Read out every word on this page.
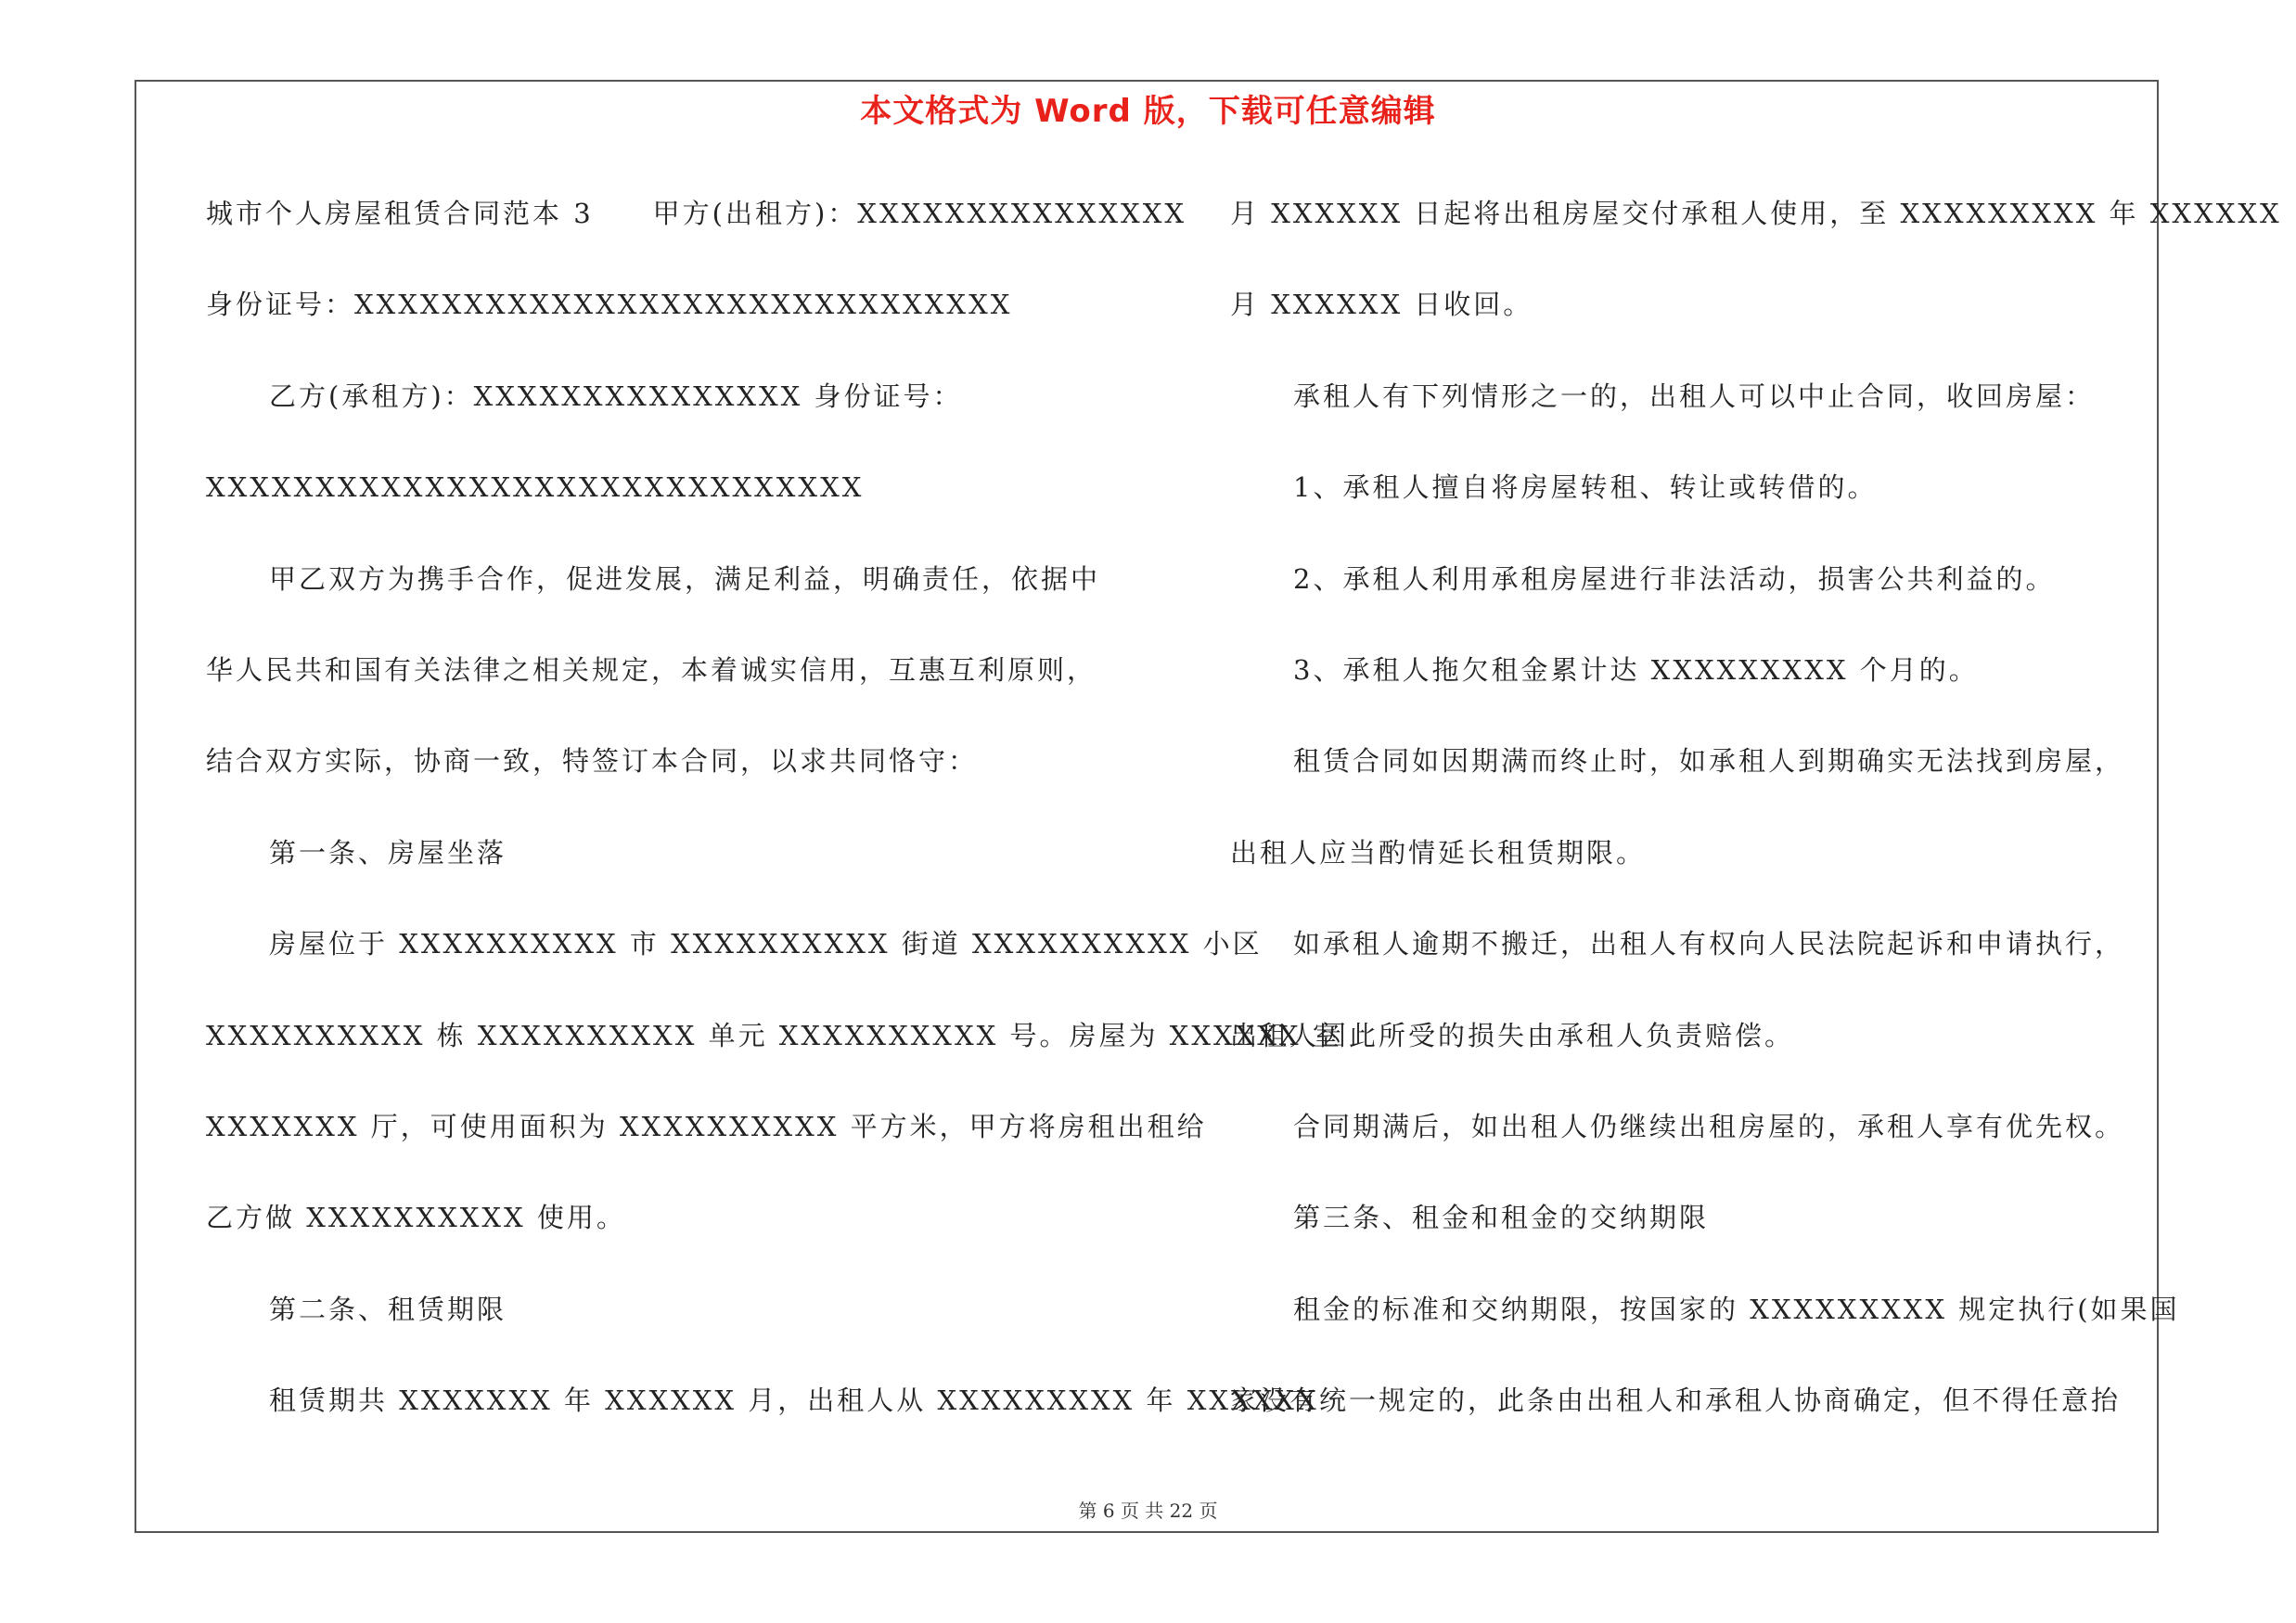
本文格式为 Word 版，下载可任意编辑
城市个人房屋租赁合同范本 3　　甲方(出租方)：XXXXXXXXXXXXXXX
身份证号：XXXXXXXXXXXXXXXXXXXXXXXXXXXXXX
乙方(承租方)：XXXXXXXXXXXXXXX 身份证号：
XXXXXXXXXXXXXXXXXXXXXXXXXXXXXX
甲乙双方为携手合作，促进发展，满足利益，明确责任，依据中
华人民共和国有关法律之相关规定，本着诚实信用，互惠互利原则，
结合双方实际，协商一致，特签订本合同，以求共同恪守：
第一条、房屋坐落
房屋位于 XXXXXXXXXX 市 XXXXXXXXXX 街道 XXXXXXXXXX 小区
XXXXXXXXXX 栋 XXXXXXXXXX 单元 XXXXXXXXXX 号。房屋为 XXXXXX 室
XXXXXXX 厅，可使用面积为 XXXXXXXXXX 平方米，甲方将房租出租给
乙方做 XXXXXXXXXX 使用。
第二条、租赁期限
租赁期共 XXXXXXX 年 XXXXXX 月，出租人从 XXXXXXXXX 年 XXXXXX
月 XXXXXX 日起将出租房屋交付承租人使用，至 XXXXXXXXX 年 XXXXXX
月 XXXXXX 日收回。
承租人有下列情形之一的，出租人可以中止合同，收回房屋：
1、承租人擅自将房屋转租、转让或转借的。
2、承租人利用承租房屋进行非法活动，损害公共利益的。
3、承租人拖欠租金累计达 XXXXXXXXX 个月的。
租赁合同如因期满而终止时，如承租人到期确实无法找到房屋，
出租人应当酌情延长租赁期限。
如承租人逾期不搬迁，出租人有权向人民法院起诉和申请执行，
出租人因此所受的损失由承租人负责赔偿。
合同期满后，如出租人仍继续出租房屋的，承租人享有优先权。
第三条、租金和租金的交纳期限
租金的标准和交纳期限，按国家的 XXXXXXXXX 规定执行(如果国
家没有统一规定的，此条由出租人和承租人协商确定，但不得任意抬
第 6 页 共 22 页
